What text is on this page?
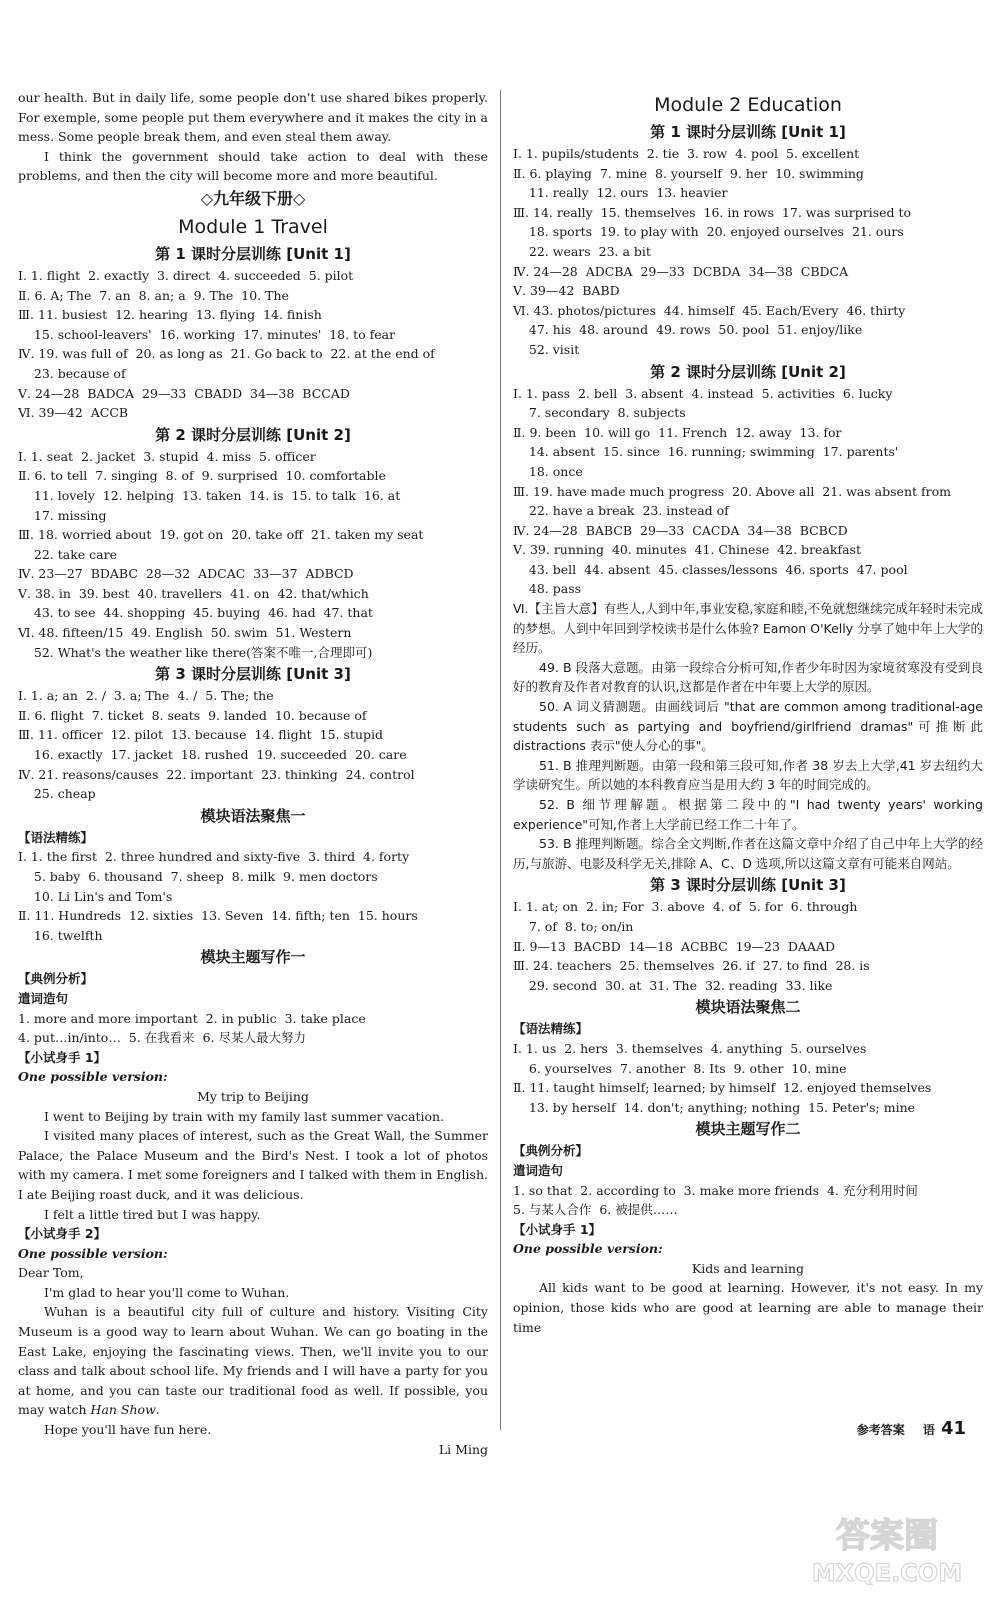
our health. But in daily life, some people don't use shared bikes properly. For exemple, some people put them everywhere and it makes the city in a mess. Some people break them, and even steal them away.

I think the government should take action to deal with these problems, and then the city will become more and more beautiful.

◇九年级下册◇

Module 1 Travel

第 1 课时分层训练 [Unit 1]

Ⅰ. 1. flight  2. exactly  3. direct  4. succeeded  5. pilot

Ⅱ. 6. A; The  7. an  8. an; a  9. The  10. The

Ⅲ. 11. busiest  12. hearing  13. flying  14. finish

15. school-leavers'  16. working  17. minutes'  18. to fear

Ⅳ. 19. was full of  20. as long as  21. Go back to  22. at the end of

23. because of

Ⅴ. 24—28  BADCA  29—33  CBADD  34—38  BCCAD

Ⅵ. 39—42  ACCB

第 2 课时分层训练 [Unit 2]

Ⅰ. 1. seat  2. jacket  3. stupid  4. miss  5. officer

Ⅱ. 6. to tell  7. singing  8. of  9. surprised  10. comfortable

11. lovely  12. helping  13. taken  14. is  15. to talk  16. at

17. missing

Ⅲ. 18. worried about  19. got on  20. take off  21. taken my seat

22. take care

Ⅳ. 23—27  BDABC  28—32  ADCAC  33—37  ADBCD

Ⅴ. 38. in  39. best  40. travellers  41. on  42. that/which

43. to see  44. shopping  45. buying  46. had  47. that

Ⅵ. 48. fifteen/15  49. English  50. swim  51. Western

52. What's the weather like there(答案不唯一,合理即可)

第 3 课时分层训练 [Unit 3]

Ⅰ. 1. a; an  2. /  3. a; The  4. /  5. The; the

Ⅱ. 6. flight  7. ticket  8. seats  9. landed  10. because of

Ⅲ. 11. officer  12. pilot  13. because  14. flight  15. stupid

16. exactly  17. jacket  18. rushed  19. succeeded  20. care

Ⅳ. 21. reasons/causes  22. important  23. thinking  24. control

25. cheap

模块语法聚焦一

【语法精练】

Ⅰ. 1. the first  2. three hundred and sixty-five  3. third  4. forty

5. baby  6. thousand  7. sheep  8. milk  9. men doctors

10. Li Lin's and Tom's

Ⅱ. 11. Hundreds  12. sixties  13. Seven  14. fifth; ten  15. hours

16. twelfth

模块主题写作一

【典例分析】

遣词造句

1. more and more important  2. in public  3. take place

4. put…in/into…  5. 在我看来  6. 尽某人最大努力

【小试身手 1】

One possible version:

My trip to Beijing

I went to Beijing by train with my family last summer vacation.

I visited many places of interest, such as the Great Wall, the Summer Palace, the Palace Museum and the Bird's Nest. I took a lot of photos with my camera. I met some foreigners and I talked with them in English. I ate Beijing roast duck, and it was delicious.

I felt a little tired but I was happy.

【小试身手 2】

One possible version:

Dear Tom,

I'm glad to hear you'll come to Wuhan.

Wuhan is a beautiful city full of culture and history. Visiting City Museum is a good way to learn about Wuhan. We can go boating in the East Lake, enjoying the fascinating views. Then, we'll invite you to our class and talk about school life. My friends and I will have a party for you at home, and you can taste our traditional food as well. If possible, you may watch Han Show.

Hope you'll have fun here.

Li Ming

Module 2 Education

第 1 课时分层训练 [Unit 1]

Ⅰ. 1. pupils/students  2. tie  3. row  4. pool  5. excellent

Ⅱ. 6. playing  7. mine  8. yourself  9. her  10. swimming

11. really  12. ours  13. heavier

Ⅲ. 14. really  15. themselves  16. in rows  17. was surprised to

18. sports  19. to play with  20. enjoyed ourselves  21. ours

22. wears  23. a bit

Ⅳ. 24—28  ADCBA  29—33  DCBDA  34—38  CBDCA

Ⅴ. 39—42  BABD

Ⅵ. 43. photos/pictures  44. himself  45. Each/Every  46. thirty

47. his  48. around  49. rows  50. pool  51. enjoy/like

52. visit

第 2 课时分层训练 [Unit 2]

Ⅰ. 1. pass  2. bell  3. absent  4. instead  5. activities  6. lucky

7. secondary  8. subjects

Ⅱ. 9. been  10. will go  11. French  12. away  13. for

14. absent  15. since  16. running; swimming  17. parents'

18. once

Ⅲ. 19. have made much progress  20. Above all  21. was absent from

22. have a break  23. instead of

Ⅳ. 24—28  BABCB  29—33  CACDA  34—38  BCBCD

Ⅴ. 39. running  40. minutes  41. Chinese  42. breakfast

43. bell  44. absent  45. classes/lessons  46. sports  47. pool

48. pass

Ⅵ.【主旨大意】有些人,人到中年,事业安稳,家庭和睦,不免就想继续完成年轻时未完成的梦想。人到中年回到学校读书是什么体验? Eamon O'Kelly 分享了她中年上大学的经历。

49. B 段落大意题。由第一段综合分析可知,作者少年时因为家境贫寒没有受到良好的教育及作者对教育的认识,这都是作者在中年要上大学的原因。

50. A 词义猜测题。由画线词后 "that are common among traditional-age students such as partying and boyfriend/girlfriend dramas"可推断此 distractions 表示"使人分心的事"。

51. B 推理判断题。由第一段和第三段可知,作者 38 岁去上大学,41 岁去纽约大学读研究生。所以她的本科教育应当是用大约 3 年的时间完成的。

52. B 细节理解题。根据第二段中的"I had twenty years' working experience"可知,作者上大学前已经工作二十年了。

53. B 推理判断题。综合全文判断,作者在这篇文章中介绍了自己中年上大学的经历,与旅游、电影及科学无关,排除 A、C、D 选项,所以这篇文章有可能来自网站。

第 3 课时分层训练 [Unit 3]

Ⅰ. 1. at; on  2. in; For  3. above  4. of  5. for  6. through

7. of  8. to; on/in

Ⅱ. 9—13  BACBD  14—18  ACBBC  19—23  DAAAD

Ⅲ. 24. teachers  25. themselves  26. if  27. to find  28. is

29. second  30. at  31. The  32. reading  33. like

模块语法聚焦二

【语法精练】

Ⅰ. 1. us  2. hers  3. themselves  4. anything  5. ourselves

6. yourselves  7. another  8. Its  9. other  10. mine

Ⅱ. 11. taught himself; learned; by himself  12. enjoyed themselves

13. by herself  14. don't; anything; nothing  15. Peter's; mine

模块主题写作二

【典例分析】

遣词造句

1. so that  2. according to  3. make more friends  4. 充分利用时间

5. 与某人合作  6. 被提供……

【小试身手 1】

One possible version:

Kids and learning

All kids want to be good at learning. However, it's not easy. In my opinion, those kids who are good at learning are able to manage their time

参考答案 语 41
答案圈
MXQE.COM
